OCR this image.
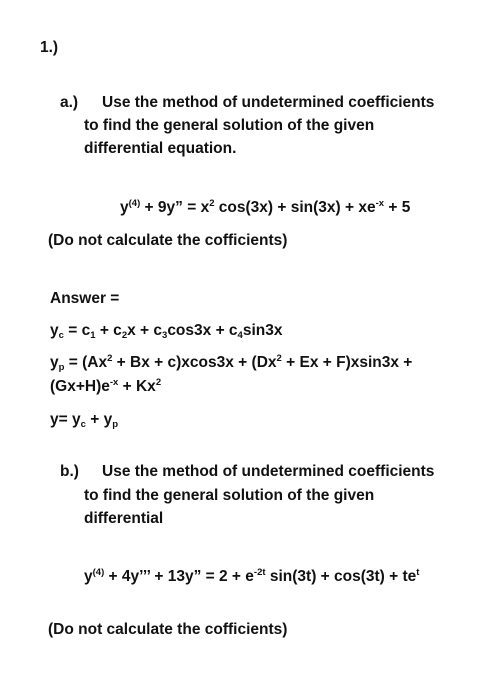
1.)
a.) Use the method of undetermined coefficients
to find the general solution of the given
differential equation.
$y^{(4)} + 9y$” = $x^2$ $\cos(3x) + \sin(3x) + xe^{-x} + 5$
(Do not calculate the cofficients)
Answer =
$y_c = c_1 + c_2x + c_3\cos 3x + c_4\sin 3x$
$y_p = (Ax^2 + Bx + c)xcos3x + (Dx^2 + Ex + F)xsin3x$ +
$(Gx+H)e^{-x} + Kx^2$
$y= y_c + y_p$
b.) Use the method of undetermined coefficients
to find the general solution of the given
differential
$y^{(4)} + 4y$’’’ + 13y” = $2 + e^{-2t}$ $\sin(3t) + \cos(3t) + te^t$
(Do not calculate the cofficients)
